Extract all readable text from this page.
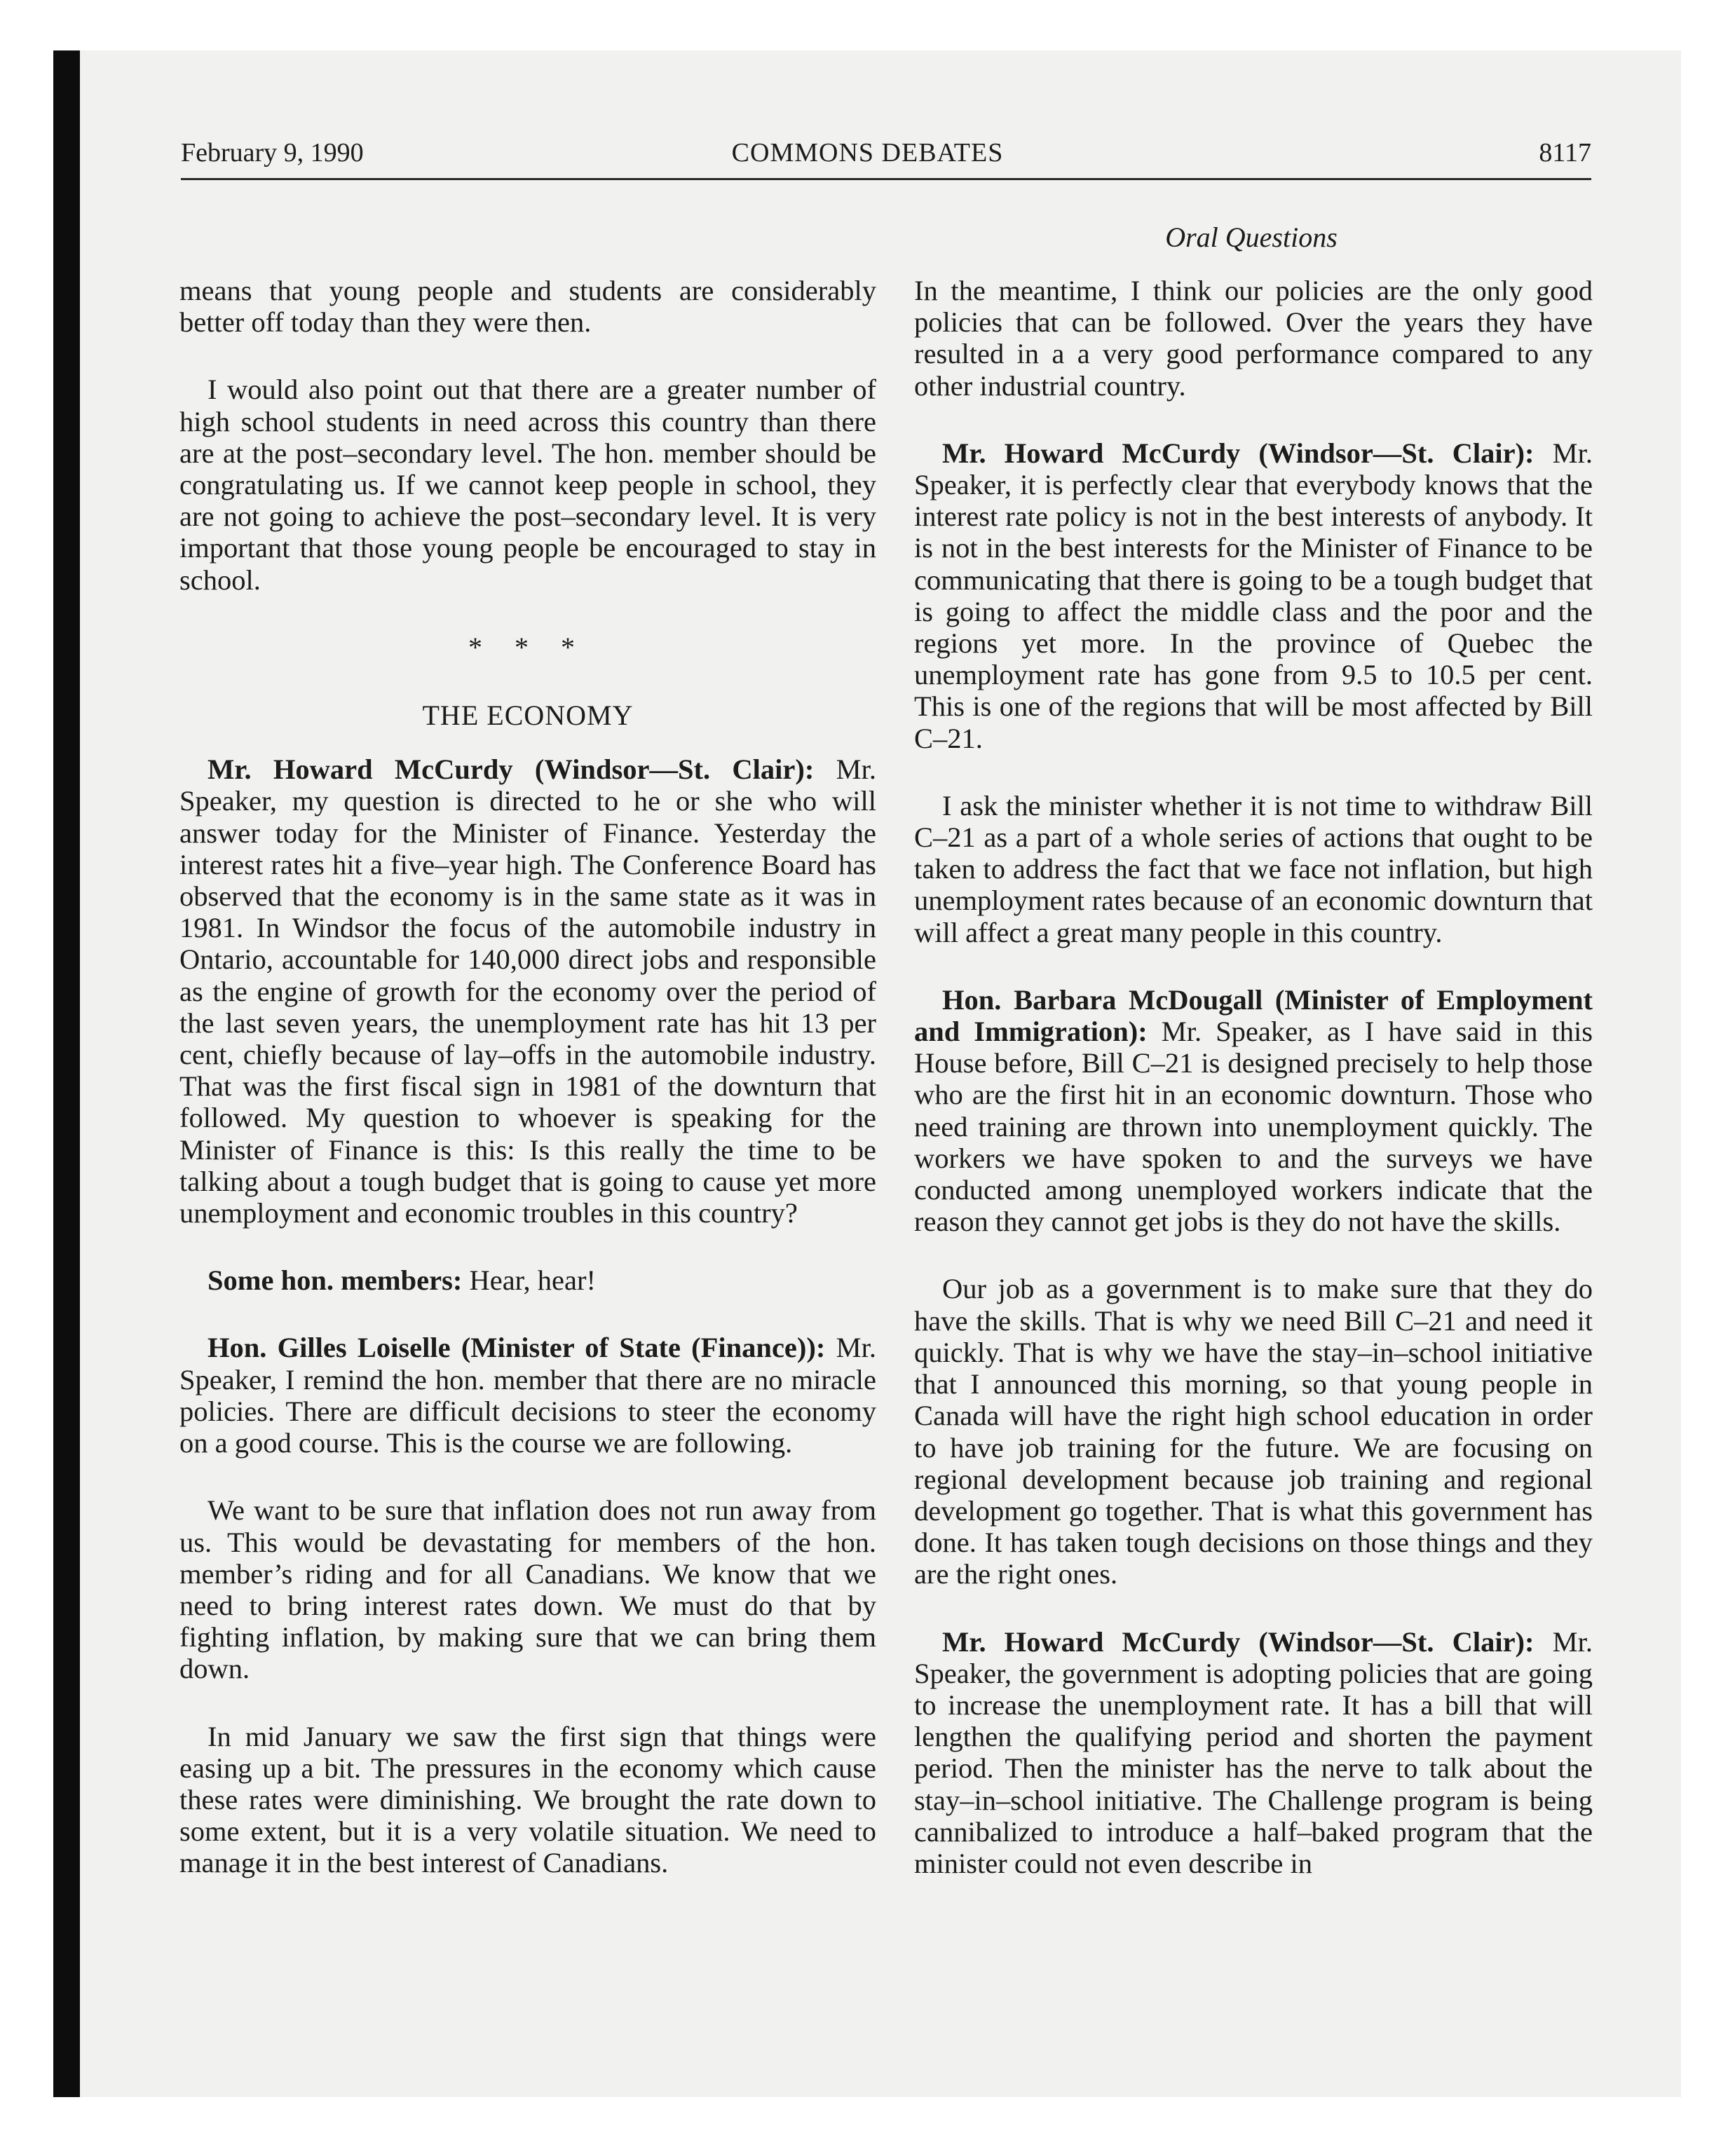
February 9, 1990	COMMONS DEBATES	8117
Oral Questions

means that young people and students are considerably better off today than they were then.

I would also point out that there are a greater number of high school students in need across this country than there are at the post–secondary level. The hon. member should be congratulating us. If we cannot keep people in school, they are not going to achieve the post–secondary level. It is very important that those young people be encouraged to stay in school.

* * *
THE ECONOMY

Mr. Howard McCurdy (Windsor—St. Clair): Mr. Speaker, my question is directed to he or she who will answer today for the Minister of Finance. Yesterday the interest rates hit a five–year high. The Conference Board has observed that the economy is in the same state as it was in 1981. In Windsor the focus of the automobile industry in Ontario, accountable for 140,000 direct jobs and responsible as the engine of growth for the economy over the period of the last seven years, the unemployment rate has hit 13 per cent, chiefly because of lay–offs in the automobile industry. That was the first fiscal sign in 1981 of the downturn that followed. My question to whoever is speaking for the Minister of Finance is this: Is this really the time to be talking about a tough budget that is going to cause yet more unemployment and economic troubles in this country?

Some hon. members: Hear, hear!

Hon. Gilles Loiselle (Minister of State (Finance)): Mr. Speaker, I remind the hon. member that there are no miracle policies. There are difficult decisions to steer the economy on a good course. This is the course we are following.

We want to be sure that inflation does not run away from us. This would be devastating for members of the hon. member’s riding and for all Canadians. We know that we need to bring interest rates down. We must do that by fighting inflation, by making sure that we can bring them down.

In mid January we saw the first sign that things were easing up a bit. The pressures in the economy which cause these rates were diminishing. We brought the rate down to some extent, but it is a very volatile situation. We need to manage it in the best interest of Canadians.

In the meantime, I think our policies are the only good policies that can be followed. Over the years they have resulted in a a very good performance compared to any other industrial country.

Mr. Howard McCurdy (Windsor—St. Clair): Mr. Speaker, it is perfectly clear that everybody knows that the interest rate policy is not in the best interests of anybody. It is not in the best interests for the Minister of Finance to be communicating that there is going to be a tough budget that is going to affect the middle class and the poor and the regions yet more. In the province of Quebec the unemployment rate has gone from 9.5 to 10.5 per cent. This is one of the regions that will be most affected by Bill C–21.

I ask the minister whether it is not time to withdraw Bill C–21 as a part of a whole series of actions that ought to be taken to address the fact that we face not inflation, but high unemployment rates because of an economic downturn that will affect a great many people in this country.

Hon. Barbara McDougall (Minister of Employment and Immigration): Mr. Speaker, as I have said in this House before, Bill C–21 is designed precisely to help those who are the first hit in an economic downturn. Those who need training are thrown into unemployment quickly. The workers we have spoken to and the surveys we have conducted among unemployed workers indicate that the reason they cannot get jobs is they do not have the skills.

Our job as a government is to make sure that they do have the skills. That is why we need Bill C–21 and need it quickly. That is why we have the stay–in–school initiative that I announced this morning, so that young people in Canada will have the right high school education in order to have job training for the future. We are focusing on regional development because job training and regional development go together. That is what this government has done. It has taken tough decisions on those things and they are the right ones.

Mr. Howard McCurdy (Windsor—St. Clair): Mr. Speaker, the government is adopting policies that are going to increase the unemployment rate. It has a bill that will lengthen the qualifying period and shorten the payment period. Then the minister has the nerve to talk about the stay–in–school initiative. The Challenge program is being cannibalized to introduce a half–baked program that the minister could not even describe in
